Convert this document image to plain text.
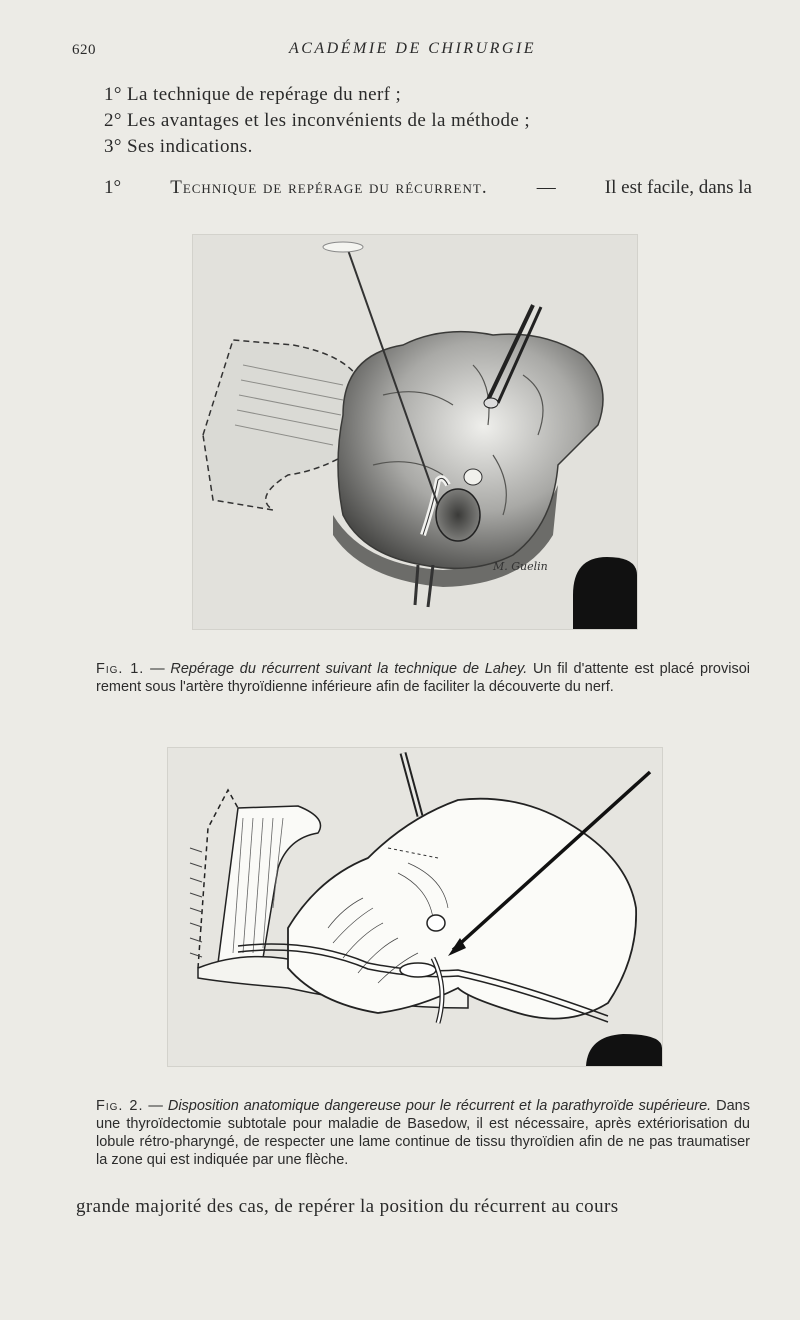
620	ACADÉMIE DE CHIRURGIE
1° La technique de repérage du nerf ;
2° Les avantages et les inconvénients de la méthode ;
3° Ses indications.
1°	Technique de repérage du récurrent.	—	Il est facile, dans la
M. Guelin
Fig. 1. — Repérage du récurrent suivant la technique de Lahey. Un fil d'attente est placé provisoi rement sous l'artère thyroïdienne inférieure afin de faciliter la découverte du nerf.
Fig. 2. — Disposition anatomique dangereuse pour le récurrent et la parathyroïde supérieure. Dans une thyroïdectomie subtotale pour maladie de Basedow, il est nécessaire, après extériorisation du lobule rétro-pharyngé, de respecter une lame continue de tissu thyroïdien afin de ne pas traumatiser la zone qui est indiquée par une flèche.
grande majorité des cas, de repérer la position du récurrent au cours
